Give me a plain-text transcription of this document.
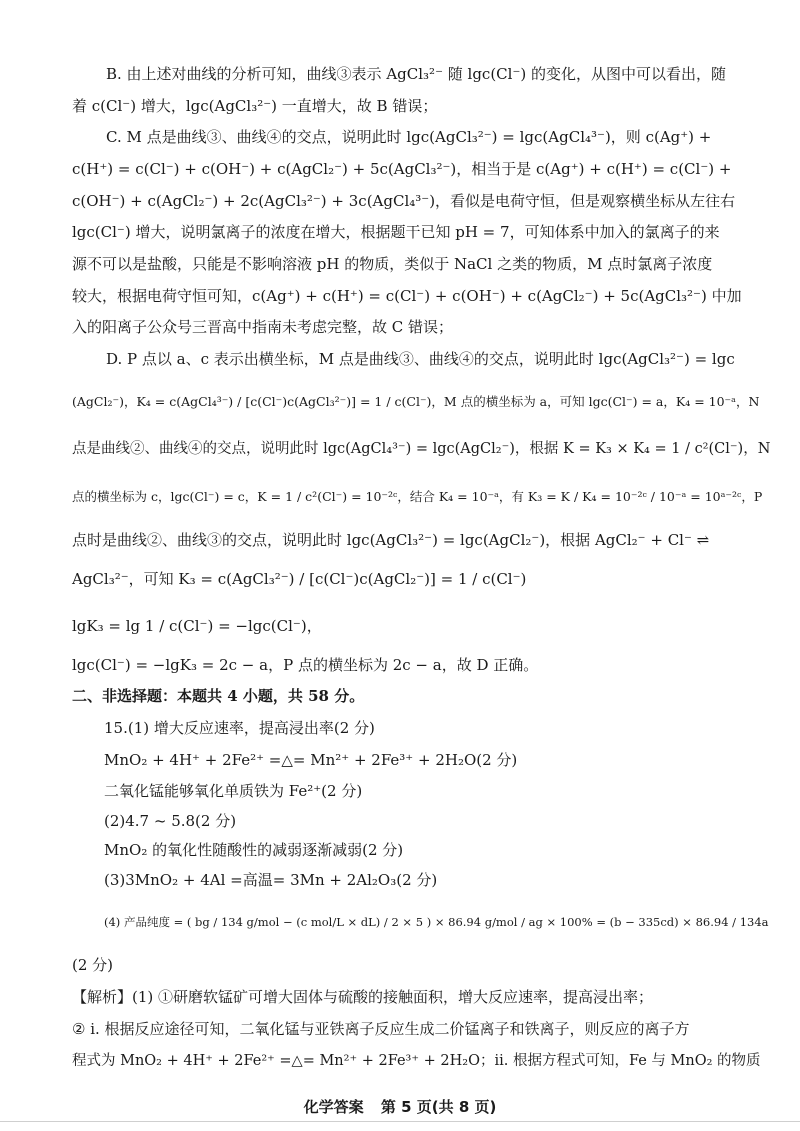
B. 由上述对曲线的分析可知，曲线③表示 AgCl₃²⁻ 随 lgc(Cl⁻) 的变化，从图中可以看出，随
着 c(Cl⁻) 增大，lgc(AgCl₃²⁻) 一直增大，故 B 错误；
C. M 点是曲线③、曲线④的交点，说明此时 lgc(AgCl₃²⁻) = lgc(AgCl₄³⁻)，则 c(Ag⁺) +
c(H⁺) = c(Cl⁻) + c(OH⁻) + c(AgCl₂⁻) + 5c(AgCl₃²⁻)，相当于是 c(Ag⁺) + c(H⁺) = c(Cl⁻) +
c(OH⁻) + c(AgCl₂⁻) + 2c(AgCl₃²⁻) + 3c(AgCl₄³⁻)，看似是电荷守恒，但是观察横坐标从左往右
lgc(Cl⁻) 增大，说明氯离子的浓度在增大，根据题干已知 pH = 7，可知体系中加入的氯离子的来
源不可以是盐酸，只能是不影响溶液 pH 的物质，类似于 NaCl 之类的物质，M 点时氯离子浓度
较大，根据电荷守恒可知，c(Ag⁺) + c(H⁺) = c(Cl⁻) + c(OH⁻) + c(AgCl₂⁻) + 5c(AgCl₃²⁻) 中加
入的阳离子公众号三晋高中指南未考虑完整，故 C 错误；
D. P 点以 a、c 表示出横坐标，M 点是曲线③、曲线④的交点，说明此时 lgc(AgCl₃²⁻) = lgc
(AgCl₂⁻)，K₄ = c(AgCl₄³⁻) / [c(Cl⁻)c(AgCl₃²⁻)] = 1 / c(Cl⁻)，M 点的横坐标为 a，可知 lgc(Cl⁻) = a，K₄ = 10⁻ᵃ，N
点是曲线②、曲线④的交点，说明此时 lgc(AgCl₄³⁻) = lgc(AgCl₂⁻)，根据 K = K₃ × K₄ = 1 / c²(Cl⁻)，N
点的横坐标为 c，lgc(Cl⁻) = c，K = 1 / c²(Cl⁻) = 10⁻²ᶜ，结合 K₄ = 10⁻ᵃ，有 K₃ = K / K₄ = 10⁻²ᶜ / 10⁻ᵃ = 10ᵃ⁻²ᶜ，P
点时是曲线②、曲线③的交点，说明此时 lgc(AgCl₃²⁻) = lgc(AgCl₂⁻)，根据 AgCl₂⁻ + Cl⁻ ⇌
AgCl₃²⁻，可知 K₃ = c(AgCl₃²⁻) / [c(Cl⁻)c(AgCl₂⁻)] = 1 / c(Cl⁻)
lgK₃ = lg 1 / c(Cl⁻) = −lgc(Cl⁻)，
lgc(Cl⁻) = −lgK₃ = 2c − a，P 点的横坐标为 2c − a，故 D 正确。
二、非选择题：本题共 4 小题，共 58 分。
15.(1) 增大反应速率，提高浸出率(2 分)
MnO₂ + 4H⁺ + 2Fe²⁺ =△= Mn²⁺ + 2Fe³⁺ + 2H₂O(2 分)
二氧化锰能够氧化单质铁为 Fe²⁺(2 分)
(2)4.7 ~ 5.8(2 分)
MnO₂ 的氧化性随酸性的减弱逐渐减弱(2 分)
(3)3MnO₂ + 4Al =高温= 3Mn + 2Al₂O₃(2 分)
(4) 产品纯度 = ( bg / 134 g/mol − (c mol/L × dL) / 2 × 5 ) × 86.94 g/mol / ag × 100% = (b − 335cd) × 86.94 / 134a
(2 分)
【解析】(1) ①研磨软锰矿可增大固体与硫酸的接触面积，增大反应速率，提高浸出率；
② ⅰ. 根据反应途径可知，二氧化锰与亚铁离子反应生成二价锰离子和铁离子，则反应的离子方
程式为 MnO₂ + 4H⁺ + 2Fe²⁺ =△= Mn²⁺ + 2Fe³⁺ + 2H₂O；ⅱ. 根据方程式可知，Fe 与 MnO₂ 的物质
化学答案 第 5 页(共 8 页)
